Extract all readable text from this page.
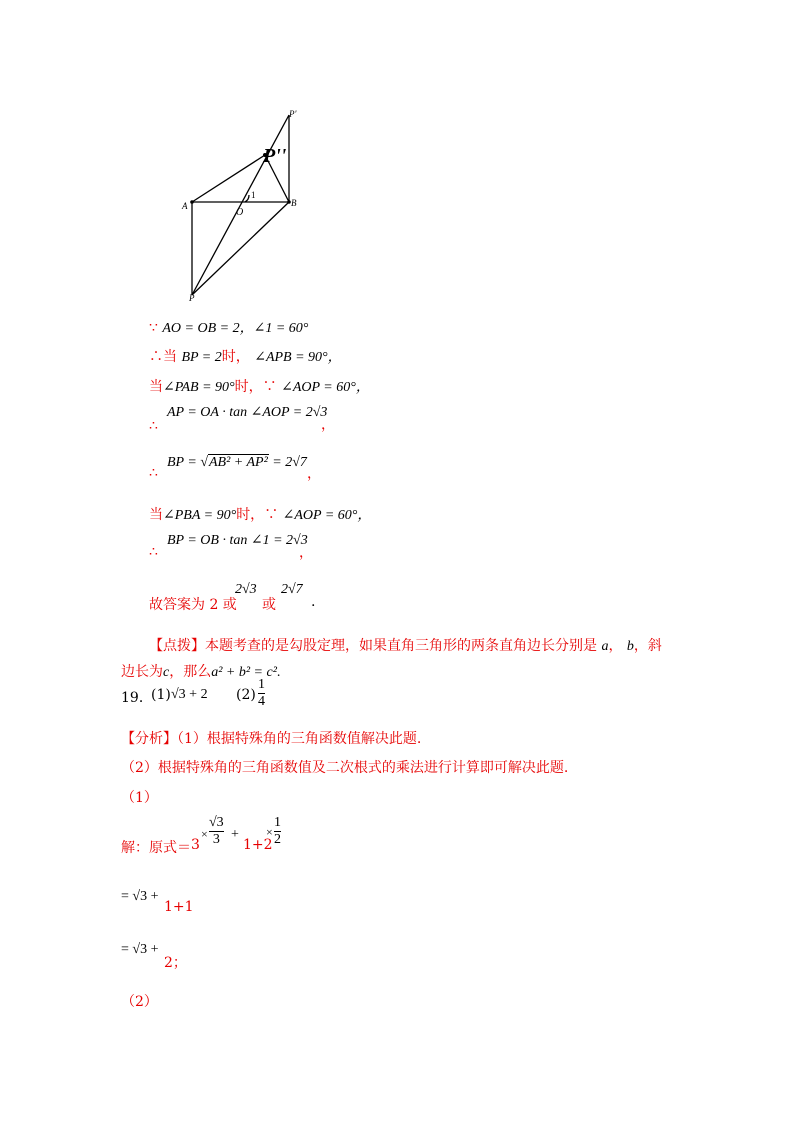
P'
P''
A	B
O
P
1
∵ AO = OB = 2，∠1 = 60°
∴当 BP = 2时， ∠APB = 90°，
当∠PAB = 90°时，∵ ∠AOP = 60°，
AP = OA · tan ∠AOP = 2√3
，
∴
BP = √AB² + AP² = 2√7
，
∴
当∠PBA = 90°时，∵ ∠AOP = 60°，
BP = OB · tan ∠1 = 2√3
，
∴
故答案为 2 或
2√3
或
2√7
.
【点拨】本题考查的是勾股定理，如果直角三角形的两条直角边长分别是 a， b，斜
边长为c，那么a² + b² = c².
19．
(1) √3 + 2 $(2) \frac{1}{4}$
【分析】（1）根据特殊角的三角函数值解决此题.
（2）根据特殊角的三角函数值及二次根式的乘法进行计算即可解决此题.
（1）
解：原式＝ 3
× $\frac{√3}{3}$ +
1+2
× $\frac{1}{2}$
= √3 +
1+1
= √3 +
2；
（2）
